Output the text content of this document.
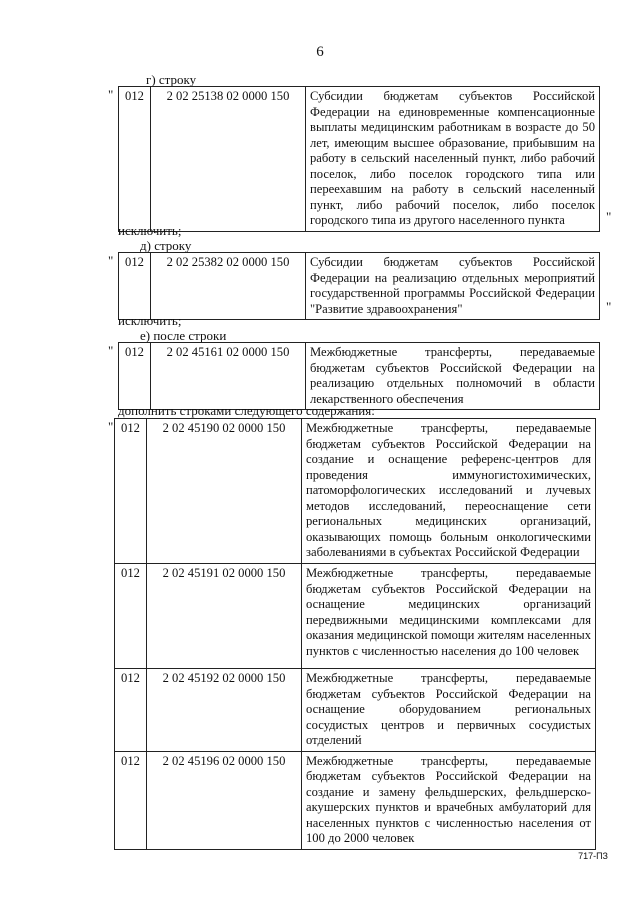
6
г) строку
" 012	2 02 25138 02 0000 150	Субсидии бюджетам субъектов Российской Федерации на единовременные компенсационные выплаты медицинским работникам в возрасте до 50 лет, имеющим высшее образование, прибывшим на работу в сельский населенный пункт, либо рабочий поселок, либо поселок городского типа или переехавшим на работу в сельский населенный пункт, либо рабочий поселок, либо поселок городского типа из другого населенного пункта	"
исключить;
д) строку
" 012	2 02 25382 02 0000 150	Субсидии бюджетам субъектов Российской Федерации на реализацию отдельных мероприятий государственной программы Российской Федерации "Развитие здравоохранения"	"
исключить;
е) после строки
" 012	2 02 45161 02 0000 150	Межбюджетные трансферты, передаваемые бюджетам субъектов Российской Федерации на реализацию отдельных полномочий в области лекарственного обеспечения
дополнить строками следующего содержания:
" 012	2 02 45190 02 0000 150	Межбюджетные трансферты, передаваемые бюджетам субъектов Российской Федерации на создание и оснащение референс-центров для проведения иммуногистохимических, патоморфологических исследований и лучевых методов исследований, переоснащение сети региональных медицинских организаций, оказывающих помощь больным онкологическими заболеваниями в субъектах Российской Федерации
012	2 02 45191 02 0000 150	Межбюджетные трансферты, передаваемые бюджетам субъектов Российской Федерации на оснащение медицинских организаций передвижными медицинскими комплексами для оказания медицинской помощи жителям населенных пунктов с численностью населения до 100 человек
012	2 02 45192 02 0000 150	Межбюджетные трансферты, передаваемые бюджетам субъектов Российской Федерации на оснащение оборудованием региональных сосудистых центров и первичных сосудистых отделений
012	2 02 45196 02 0000 150	Межбюджетные трансферты, передаваемые бюджетам субъектов Российской Федерации на создание и замену фельдшерских, фельдшерско-акушерских пунктов и врачебных амбулаторий для населенных пунктов с численностью населения от 100 до 2000 человек
717-ПЗ
